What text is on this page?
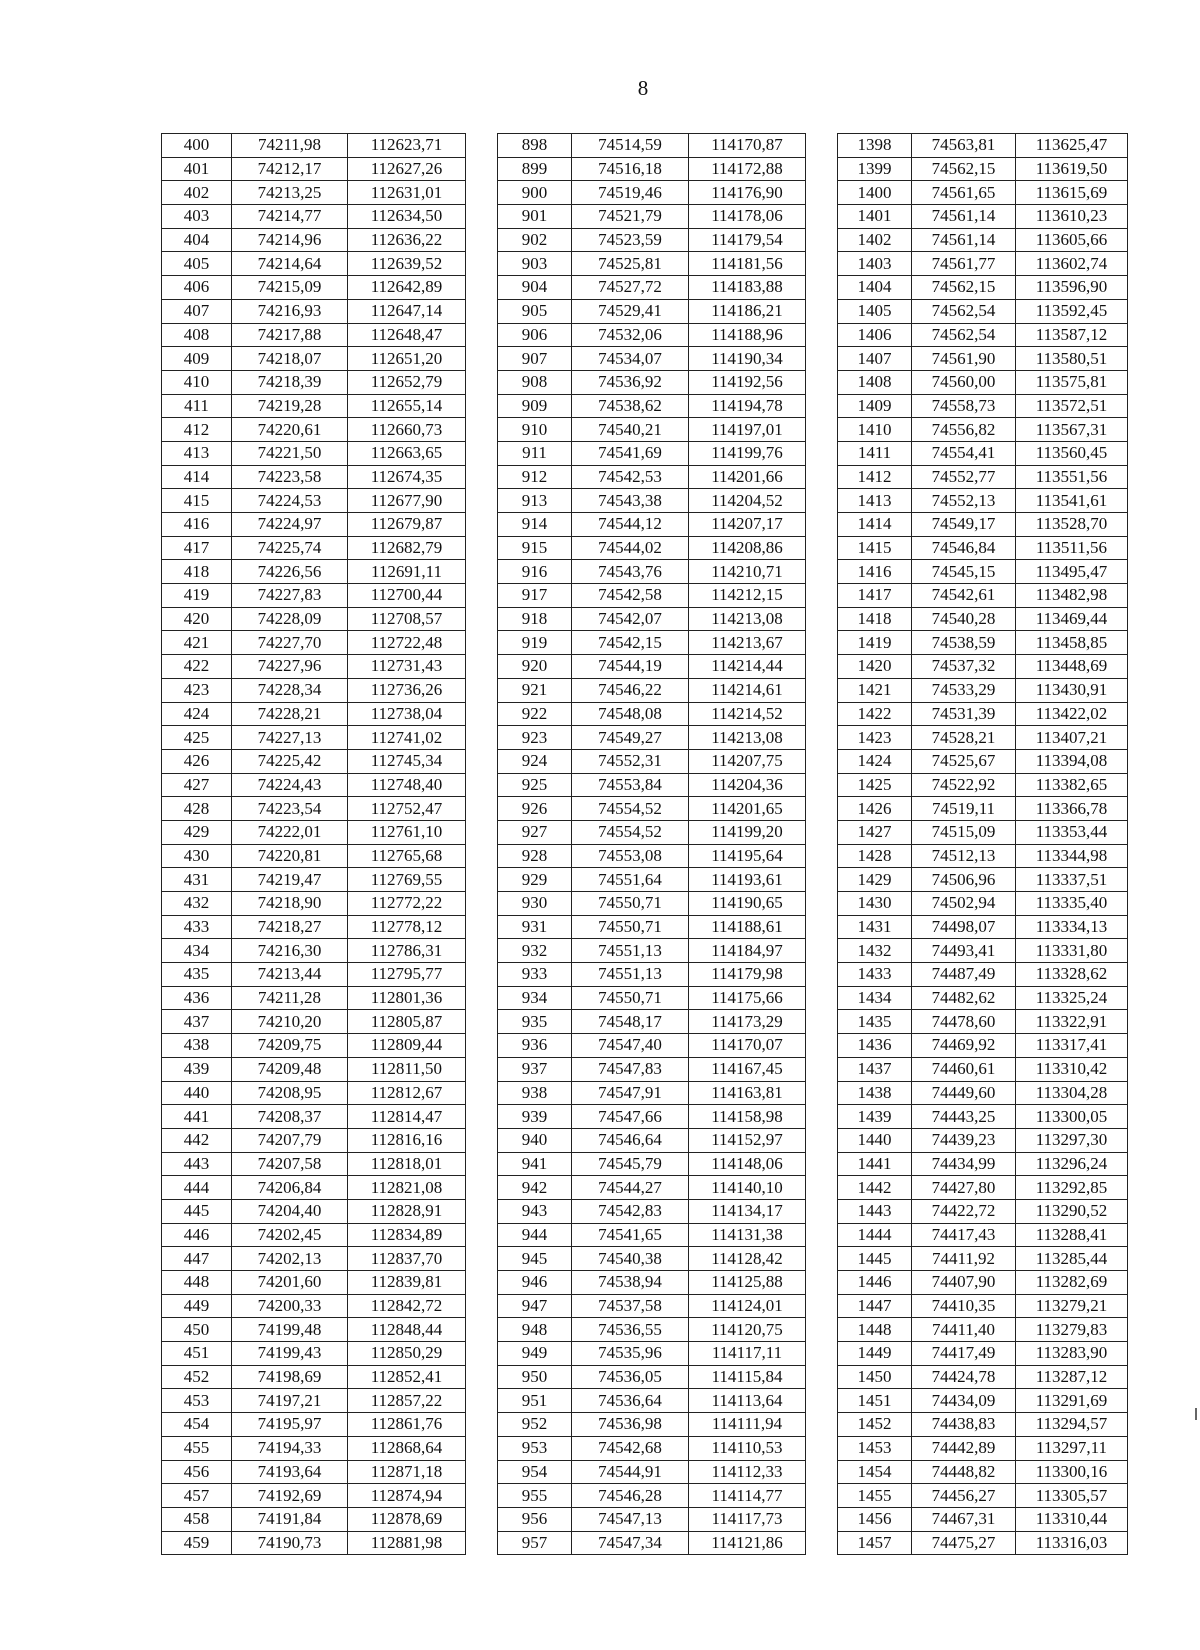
8
400	74211,98	112623,71		898	74514,59	114170,87		1398	74563,81	113625,47
401	74212,17	112627,26		899	74516,18	114172,88		1399	74562,15	113619,50
402	74213,25	112631,01		900	74519,46	114176,90		1400	74561,65	113615,69
403	74214,77	112634,50		901	74521,79	114178,06		1401	74561,14	113610,23
404	74214,96	112636,22		902	74523,59	114179,54		1402	74561,14	113605,66
405	74214,64	112639,52		903	74525,81	114181,56		1403	74561,77	113602,74
406	74215,09	112642,89		904	74527,72	114183,88		1404	74562,15	113596,90
407	74216,93	112647,14		905	74529,41	114186,21		1405	74562,54	113592,45
408	74217,88	112648,47		906	74532,06	114188,96		1406	74562,54	113587,12
409	74218,07	112651,20		907	74534,07	114190,34		1407	74561,90	113580,51
410	74218,39	112652,79		908	74536,92	114192,56		1408	74560,00	113575,81
411	74219,28	112655,14		909	74538,62	114194,78		1409	74558,73	113572,51
412	74220,61	112660,73		910	74540,21	114197,01		1410	74556,82	113567,31
413	74221,50	112663,65		911	74541,69	114199,76		1411	74554,41	113560,45
414	74223,58	112674,35		912	74542,53	114201,66		1412	74552,77	113551,56
415	74224,53	112677,90		913	74543,38	114204,52		1413	74552,13	113541,61
416	74224,97	112679,87		914	74544,12	114207,17		1414	74549,17	113528,70
417	74225,74	112682,79		915	74544,02	114208,86		1415	74546,84	113511,56
418	74226,56	112691,11		916	74543,76	114210,71		1416	74545,15	113495,47
419	74227,83	112700,44		917	74542,58	114212,15		1417	74542,61	113482,98
420	74228,09	112708,57		918	74542,07	114213,08		1418	74540,28	113469,44
421	74227,70	112722,48		919	74542,15	114213,67		1419	74538,59	113458,85
422	74227,96	112731,43		920	74544,19	114214,44		1420	74537,32	113448,69
423	74228,34	112736,26		921	74546,22	114214,61		1421	74533,29	113430,91
424	74228,21	112738,04		922	74548,08	114214,52		1422	74531,39	113422,02
425	74227,13	112741,02		923	74549,27	114213,08		1423	74528,21	113407,21
426	74225,42	112745,34		924	74552,31	114207,75		1424	74525,67	113394,08
427	74224,43	112748,40		925	74553,84	114204,36		1425	74522,92	113382,65
428	74223,54	112752,47		926	74554,52	114201,65		1426	74519,11	113366,78
429	74222,01	112761,10		927	74554,52	114199,20		1427	74515,09	113353,44
430	74220,81	112765,68		928	74553,08	114195,64		1428	74512,13	113344,98
431	74219,47	112769,55		929	74551,64	114193,61		1429	74506,96	113337,51
432	74218,90	112772,22		930	74550,71	114190,65		1430	74502,94	113335,40
433	74218,27	112778,12		931	74550,71	114188,61		1431	74498,07	113334,13
434	74216,30	112786,31		932	74551,13	114184,97		1432	74493,41	113331,80
435	74213,44	112795,77		933	74551,13	114179,98		1433	74487,49	113328,62
436	74211,28	112801,36		934	74550,71	114175,66		1434	74482,62	113325,24
437	74210,20	112805,87		935	74548,17	114173,29		1435	74478,60	113322,91
438	74209,75	112809,44		936	74547,40	114170,07		1436	74469,92	113317,41
439	74209,48	112811,50		937	74547,83	114167,45		1437	74460,61	113310,42
440	74208,95	112812,67		938	74547,91	114163,81		1438	74449,60	113304,28
441	74208,37	112814,47		939	74547,66	114158,98		1439	74443,25	113300,05
442	74207,79	112816,16		940	74546,64	114152,97		1440	74439,23	113297,30
443	74207,58	112818,01		941	74545,79	114148,06		1441	74434,99	113296,24
444	74206,84	112821,08		942	74544,27	114140,10		1442	74427,80	113292,85
445	74204,40	112828,91		943	74542,83	114134,17		1443	74422,72	113290,52
446	74202,45	112834,89		944	74541,65	114131,38		1444	74417,43	113288,41
447	74202,13	112837,70		945	74540,38	114128,42		1445	74411,92	113285,44
448	74201,60	112839,81		946	74538,94	114125,88		1446	74407,90	113282,69
449	74200,33	112842,72		947	74537,58	114124,01		1447	74410,35	113279,21
450	74199,48	112848,44		948	74536,55	114120,75		1448	74411,40	113279,83
451	74199,43	112850,29		949	74535,96	114117,11		1449	74417,49	113283,90
452	74198,69	112852,41		950	74536,05	114115,84		1450	74424,78	113287,12
453	74197,21	112857,22		951	74536,64	114113,64		1451	74434,09	113291,69
454	74195,97	112861,76		952	74536,98	114111,94		1452	74438,83	113294,57
455	74194,33	112868,64		953	74542,68	114110,53		1453	74442,89	113297,11
456	74193,64	112871,18		954	74544,91	114112,33		1454	74448,82	113300,16
457	74192,69	112874,94		955	74546,28	114114,77		1455	74456,27	113305,57
458	74191,84	112878,69		956	74547,13	114117,73		1456	74467,31	113310,44
459	74190,73	112881,98		957	74547,34	114121,86		1457	74475,27	113316,03
